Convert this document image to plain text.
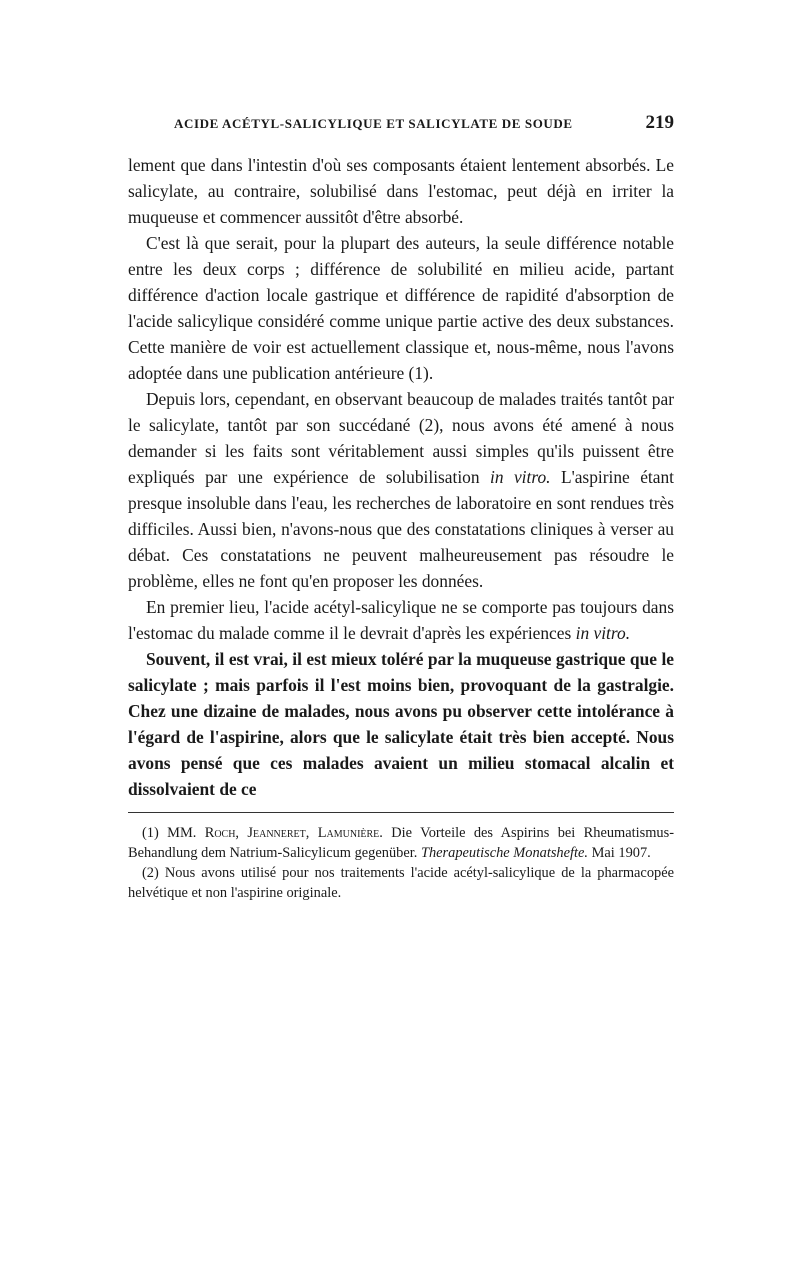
ACIDE ACÉTYL-SALICYLIQUE ET SALICYLATE DE SOUDE	219

lement que dans l'intestin d'où ses composants étaient lentement absorbés. Le salicylate, au contraire, solubilisé dans l'estomac, peut déjà en irriter la muqueuse et commencer aussitôt d'être absorbé.

C'est là que serait, pour la plupart des auteurs, la seule différence notable entre les deux corps ; différence de solubilité en milieu acide, partant différence d'action locale gastrique et différence de rapidité d'absorption de l'acide salicylique considéré comme unique partie active des deux substances. Cette manière de voir est actuellement classique et, nous-même, nous l'avons adoptée dans une publication antérieure (1).

Depuis lors, cependant, en observant beaucoup de malades traités tantôt par le salicylate, tantôt par son succédané (2), nous avons été amené à nous demander si les faits sont véritablement aussi simples qu'ils puissent être expliqués par une expérience de solubilisation in vitro. L'aspirine étant presque insoluble dans l'eau, les recherches de laboratoire en sont rendues très difficiles. Aussi bien, n'avons-nous que des constatations cliniques à verser au débat. Ces constatations ne peuvent malheureusement pas résoudre le problème, elles ne font qu'en proposer les données.

En premier lieu, l'acide acétyl-salicylique ne se comporte pas toujours dans l'estomac du malade comme il le devrait d'après les expériences in vitro.

Souvent, il est vrai, il est mieux toléré par la muqueuse gastrique que le salicylate ; mais parfois il l'est moins bien, provoquant de la gastralgie. Chez une dizaine de malades, nous avons pu observer cette intolérance à l'égard de l'aspirine, alors que le salicylate était très bien accepté. Nous avons pensé que ces malades avaient un milieu stomacal alcalin et dissolvaient de ce

(1) MM. Roch, Jeanneret, Lamunière. Die Vorteile des Aspirins bei Rheumatismus-Behandlung dem Natrium-Salicylicum gegenüber. Therapeutische Monatshefte. Mai 1907.

(2) Nous avons utilisé pour nos traitements l'acide acétyl-salicylique de la pharmacopée helvétique et non l'aspirine originale.
